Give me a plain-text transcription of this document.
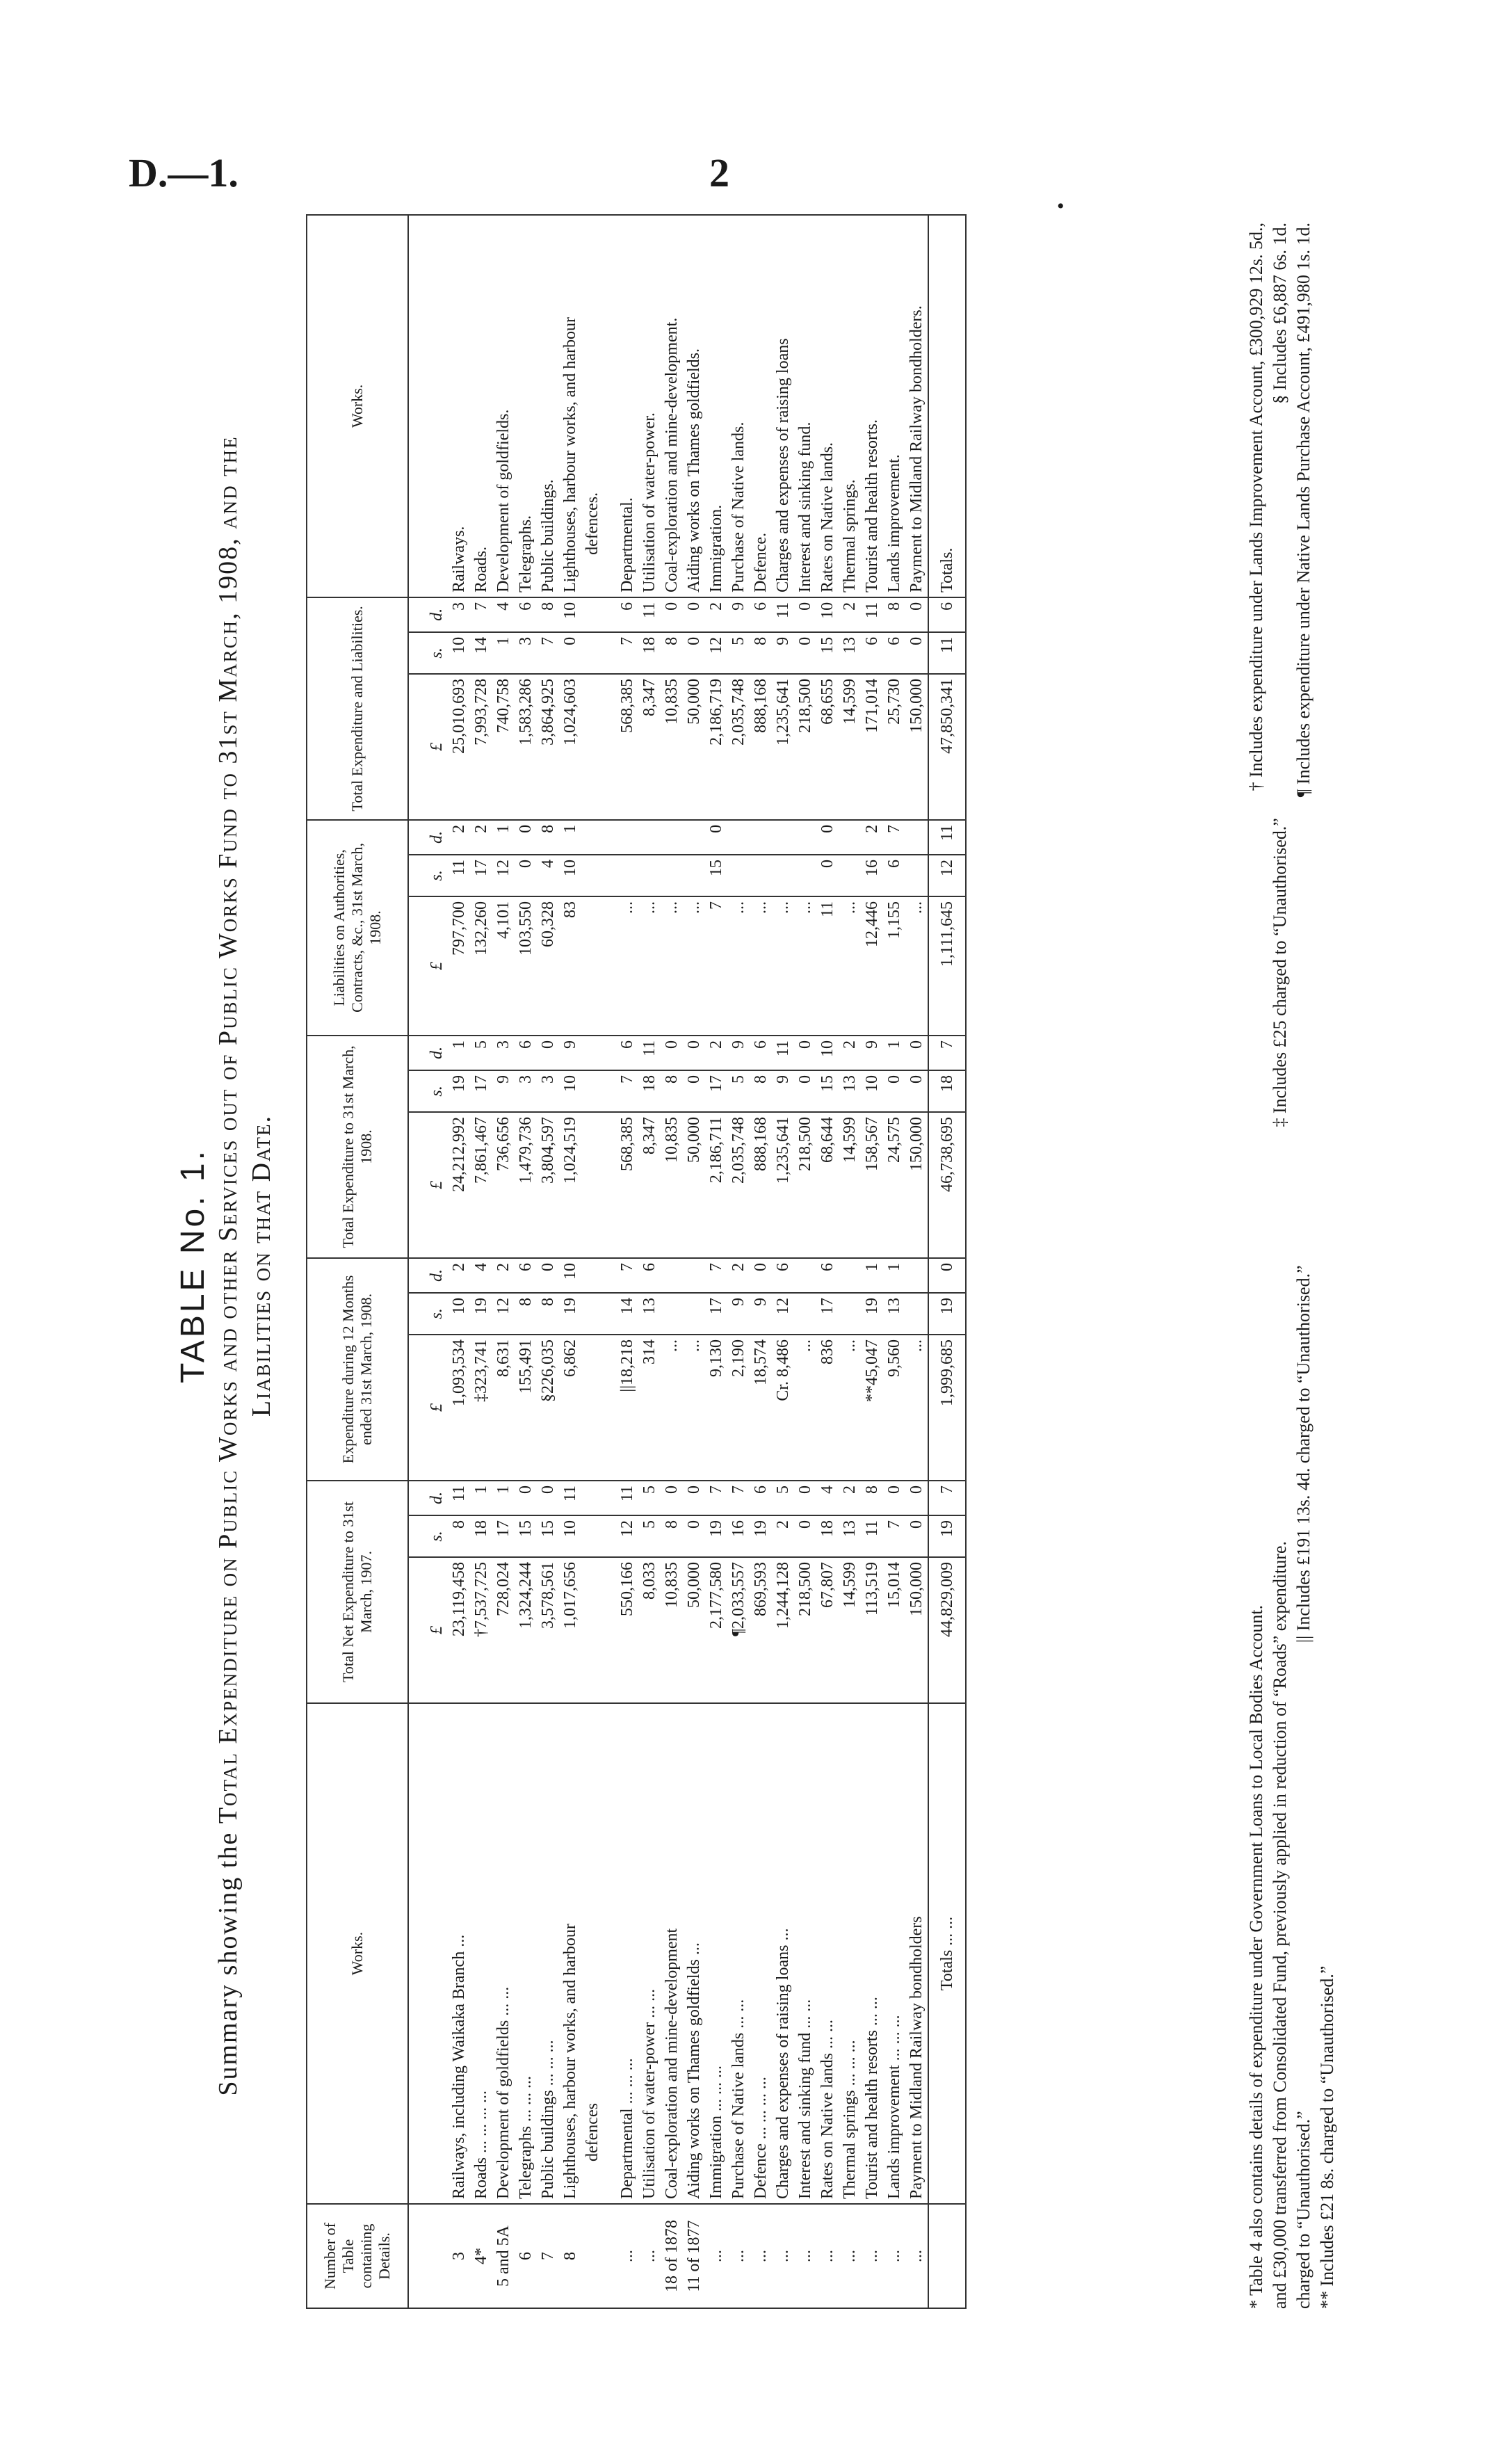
D.—1.	2
•
TABLE No. 1.
Summary showing the Total Expenditure on Public Works and other Services out of Public Works Fund to 31st March, 1908, and the Liabilities on that Date.
Number of Table containing Details.	Works.	Total Net Expenditure to 31st March, 1907.			Expenditure during 12 Months ended 31st March, 1908.			Total Expenditure to 31st March, 1908.			Liabilities on Authorities, Contracts, &c., 31st March, 1908.			Total Expenditure and Liabilities.			Works.
		£	s.	d.	£	s.	d.	£	s.	d.	£	s.	d.	£	s.	d.	
3	Railways, including Waikaka Branch ...	23,119,458	8	11	1,093,534	10	2	24,212,992	19	1	797,700	11	2	25,010,693	10	3	Railways.
4*	Roads ... ... ... ...	†7,537,725	18	1	‡323,741	19	4	7,861,467	17	5	132,260	17	2	7,993,728	14	7	Roads.
5 and 5A	Development of goldfields ... ...	728,024	17	1	8,631	12	2	736,656	9	3	4,101	12	1	740,758	1	4	Development of goldfields.
6	Telegraphs ... ... ...	1,324,244	15	0	155,491	8	6	1,479,736	3	6	103,550	0	0	1,583,286	3	6	Telegraphs.
7	Public buildings ... ... ...	3,578,561	15	0	§226,035	8	0	3,804,597	3	0	60,328	4	8	3,864,925	7	8	Public buildings.
8	Lighthouses, harbour works, and harbour	1,017,656	10	11	6,862	19	10	1,024,519	10	9	83	10	1	1,024,603	0	10	Lighthouses, harbour works, and harbour
	defences																defences.

...	Departmental ... ... ...	550,166	12	11	||18,218	14	7	568,385	7	6	...			568,385	7	6	Departmental.
...	Utilisation of water-power ... ...	8,033	5	5	314	13	6	8,347	18	11	...			8,347	18	11	Utilisation of water-power.
18 of 1878	Coal-exploration and mine-development	10,835	8	0	...			10,835	8	0	...			10,835	8	0	Coal-exploration and mine-development.
11 of 1877	Aiding works on Thames goldfields ...	50,000	0	0	...			50,000	0	0	...			50,000	0	0	Aiding works on Thames goldfields.
...	Immigration ... ... ...	2,177,580	19	7	9,130	17	7	2,186,711	17	2	7	15	0	2,186,719	12	2	Immigration.
...	Purchase of Native lands ... ...	¶2,033,557	16	7	2,190	9	2	2,035,748	5	9	...			2,035,748	5	9	Purchase of Native lands.
...	Defence ... ... ... ...	869,593	19	6	18,574	9	0	888,168	8	6	...			888,168	8	6	Defence.
...	Charges and expenses of raising loans ...	1,244,128	2	5	Cr. 8,486	12	6	1,235,641	9	11	...			1,235,641	9	11	Charges and expenses of raising loans
...	Interest and sinking fund ... ...	218,500	0	0	...			218,500	0	0	...			218,500	0	0	Interest and sinking fund.
...	Rates on Native lands ... ...	67,807	18	4	836	17	6	68,644	15	10	11	0	0	68,655	15	10	Rates on Native lands.
...	Thermal springs ... ... ...	14,599	13	2	...			14,599	13	2	...			14,599	13	2	Thermal springs.
...	Tourist and health resorts ... ...	113,519	11	8	**45,047	19	1	158,567	10	9	12,446	16	2	171,014	6	11	Tourist and health resorts.
...	Lands improvement ... ... ...	15,014	7	0	9,560	13	1	24,575	0	1	1,155	6	7	25,730	6	8	Lands improvement.
...	Payment to Midland Railway bondholders	150,000	0	0	...			150,000	0	0	...			150,000	0	0	Payment to Midland Railway bondholders.
	Totals ... ...	44,829,009	19	7	1,999,685	19	0	46,738,695	18	7	1,111,645	12	11	47,850,341	11	6	Totals.
* Table 4 also contains details of expenditure under Government Loans to Local Bodies Account.
† Includes expenditure under Lands Improvement Account, £300,929 12s. 5d.,
and £30,000 transferred from Consolidated Fund, previously applied in reduction of “Roads” expenditure.
‡ Includes £25 charged to “Unauthorised.”
§ Includes £6,887 6s. 1d.
charged to “Unauthorised.”
|| Includes £191 13s. 4d. charged to “Unauthorised.”
¶ Includes expenditure under Native Lands Purchase Account, £491,980 1s. 1d.
** Includes £21 8s. charged to “Unauthorised.”
